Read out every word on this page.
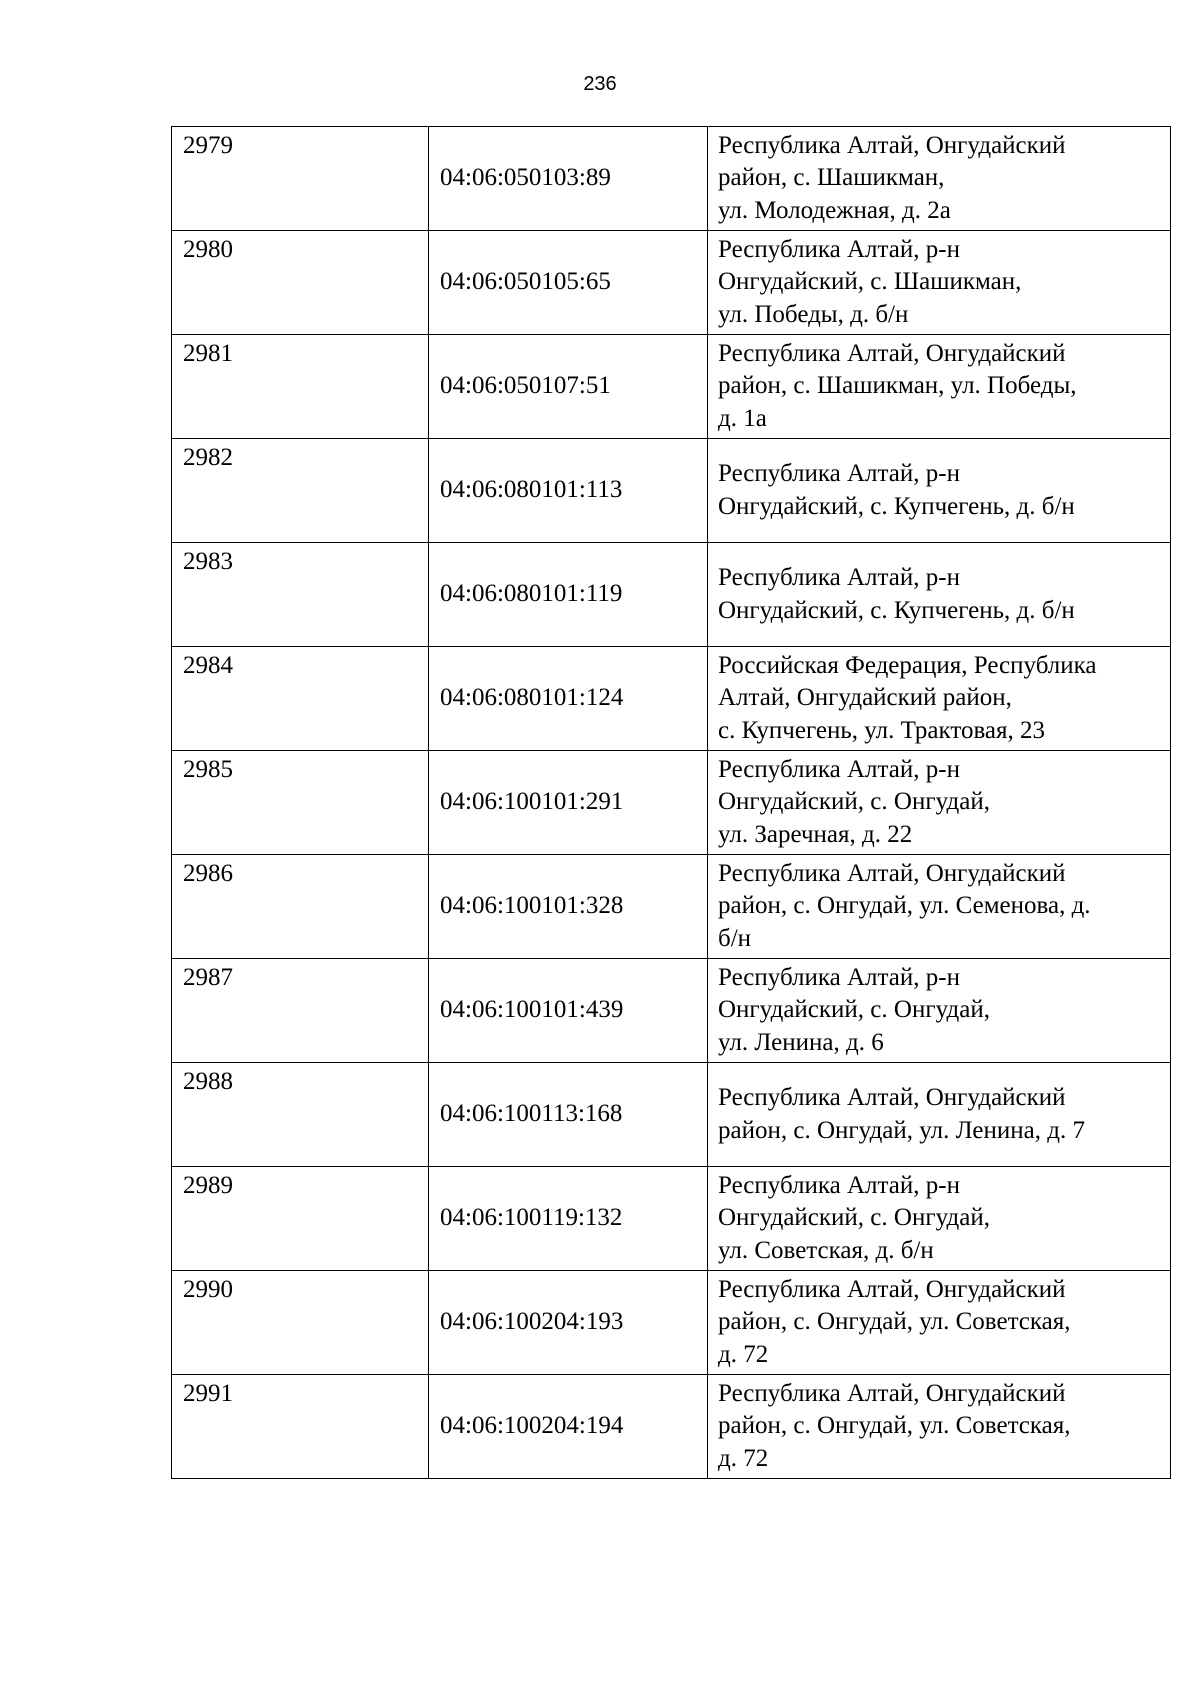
236
2979	04:06:050103:89	Республика Алтай, Онгудайский
район, с. Шашикман,
ул. Молодежная, д. 2а

2980	04:06:050105:65	Республика Алтай, р-н
Онгудайский, с. Шашикман,
ул. Победы, д. б/н

2981	04:06:050107:51	Республика Алтай, Онгудайский
район, с. Шашикман, ул. Победы,
д. 1а

2982	04:06:080101:113	Республика Алтай, р-н
Онгудайский, с. Купчегень, д. б/н

2983	04:06:080101:119	Республика Алтай, р-н
Онгудайский, с. Купчегень, д. б/н

2984	04:06:080101:124	Российская Федерация, Республика
Алтай, Онгудайский район,
с. Купчегень, ул. Трактовая, 23

2985	04:06:100101:291	Республика Алтай, р-н
Онгудайский, с. Онгудай,
ул. Заречная, д. 22

2986	04:06:100101:328	Республика Алтай, Онгудайский
район, с. Онгудай, ул. Семенова, д.
б/н

2987	04:06:100101:439	Республика Алтай, р-н
Онгудайский, с. Онгудай,
ул. Ленина, д. 6

2988	04:06:100113:168	Республика Алтай, Онгудайский
район, с. Онгудай, ул. Ленина, д. 7

2989	04:06:100119:132	Республика Алтай, р-н
Онгудайский, с. Онгудай,
ул. Советская, д. б/н

2990	04:06:100204:193	Республика Алтай, Онгудайский
район, с. Онгудай, ул. Советская,
д. 72

2991	04:06:100204:194	Республика Алтай, Онгудайский
район, с. Онгудай, ул. Советская,
д. 72
